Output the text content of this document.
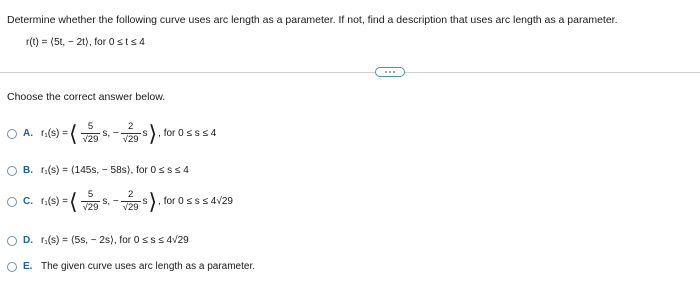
Determine whether the following curve uses arc length as a parameter. If not, find a description that uses arc length as a parameter.
r(t) = ⟨5t, − 2t⟩, for 0 ≤ t ≤ 4
Choose the correct answer below.
A. r₁(s) = ⟨ $\frac{5}{√29} s$, − $\frac{2}{√29}$ s ⟩ , for 0 ≤ s ≤ 4
B. r₁(s) = ⟨145s, − 58s⟩, for 0 ≤ s ≤ 4
C. r₁(s) = ⟨ $\frac{5}{√29} s$, − $\frac{2}{√29}$ s ⟩ , for 0 ≤ s ≤ 4√29
D. r₁(s) = ⟨5s, − 2s⟩, for 0 ≤ s ≤ 4√29
E. The given curve uses arc length as a parameter.
